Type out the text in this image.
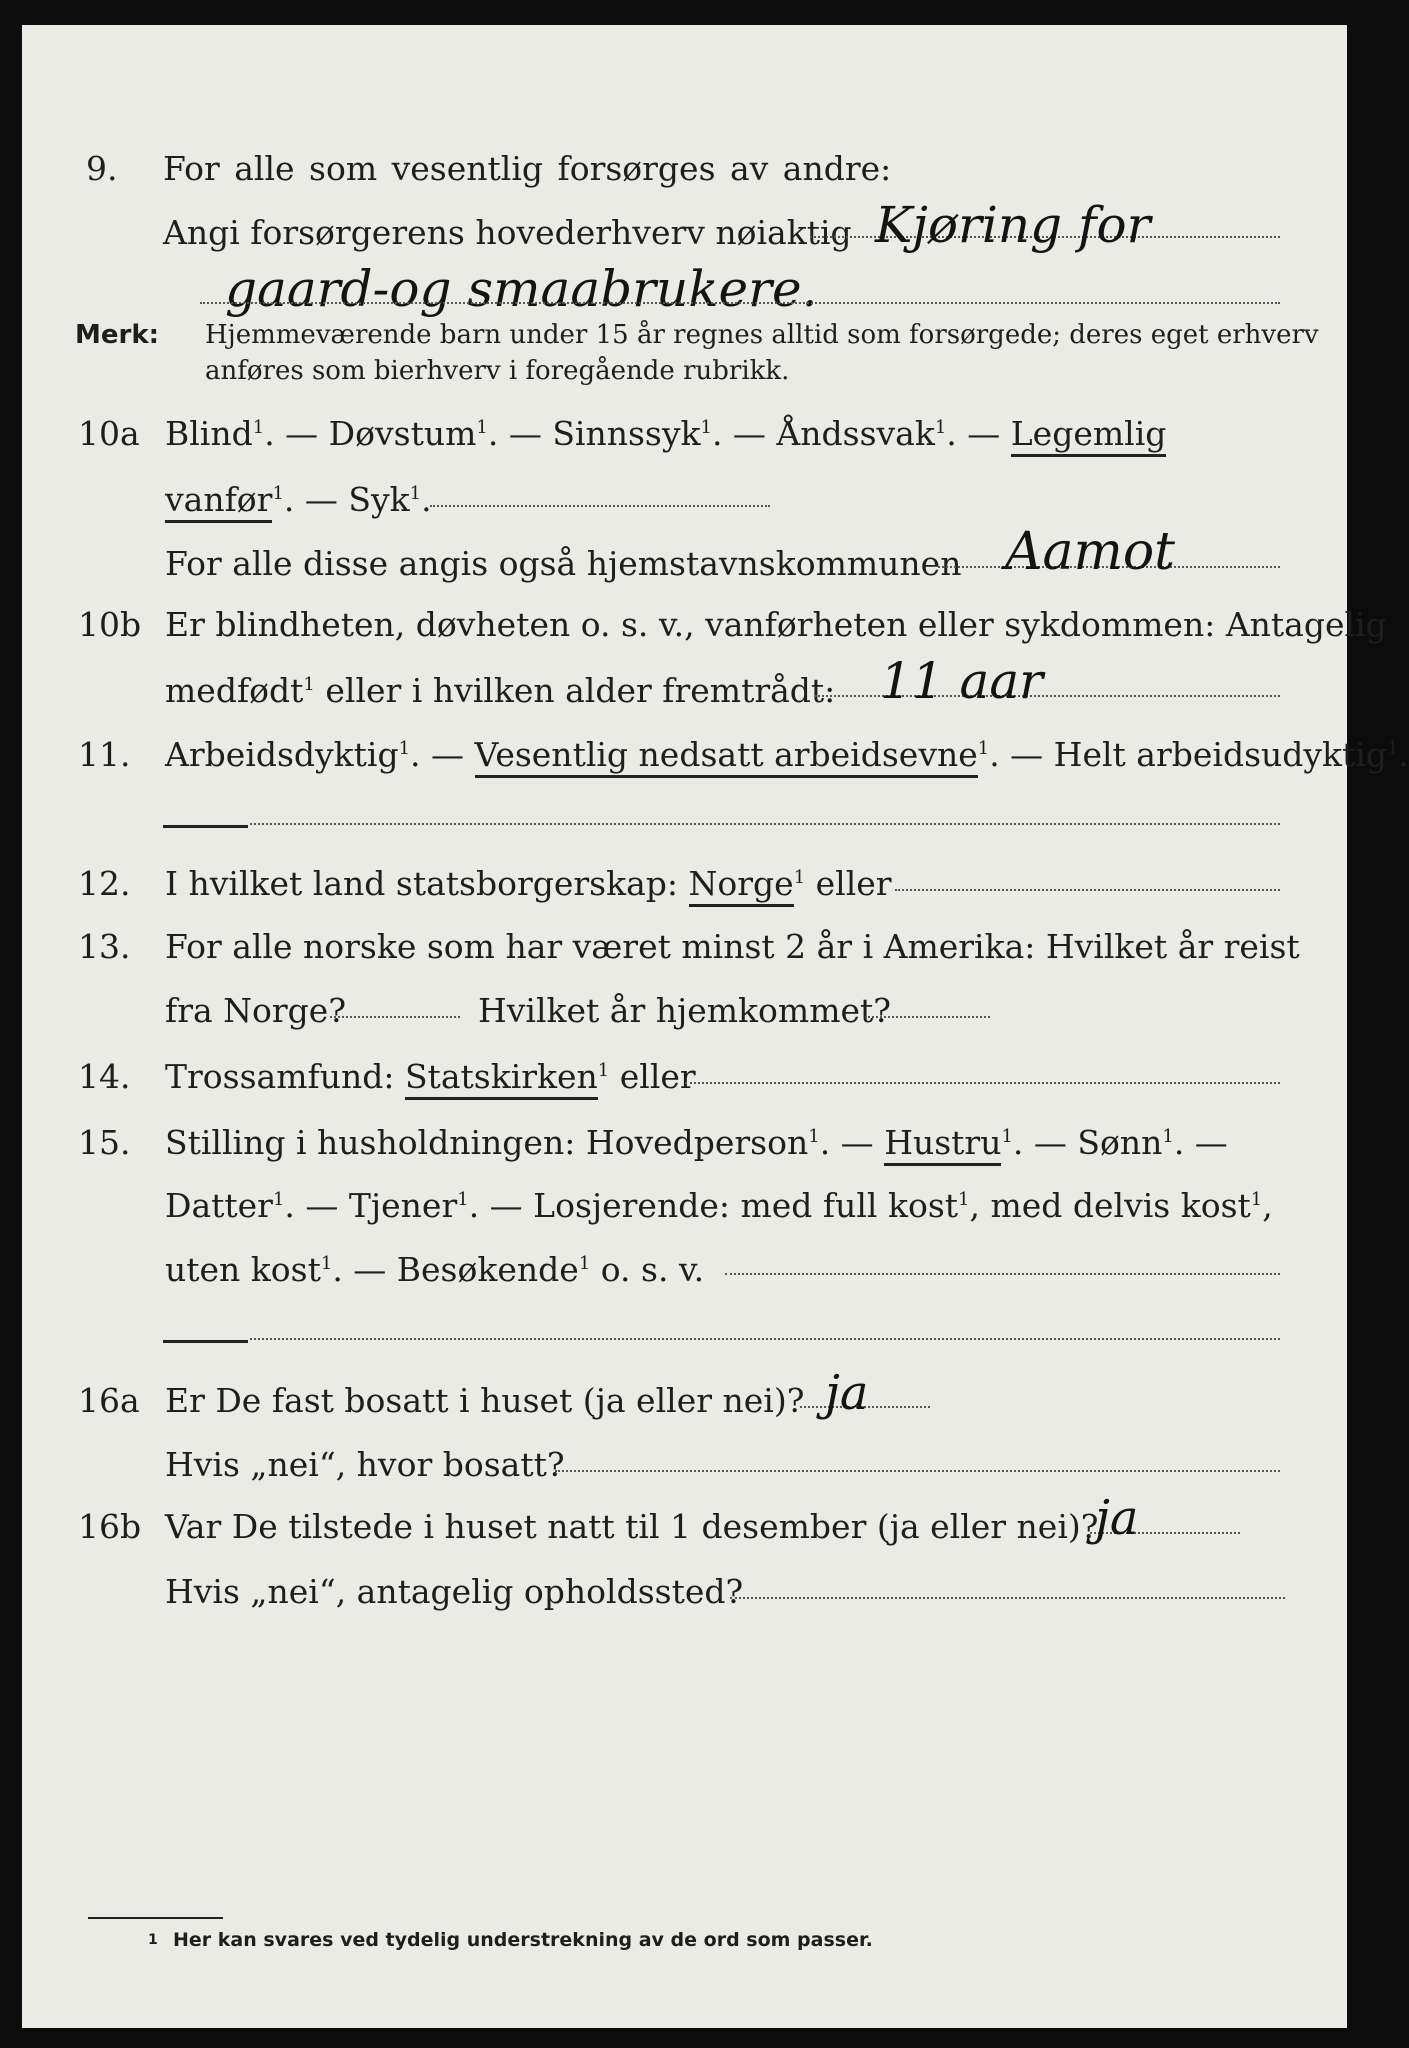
9. For alle som vesentlig forsørges av andre:
Angi forsørgerens hovederhverv nøiaktig Kjøring for
gaard-og smaabrukere.
Merk: Hjemmeværende barn under 15 år regnes alltid som forsørgede; deres eget erhverv
anføres som bierhverv i foregående rubrikk.
10a Blind$^1$. — Døvstum$^1$. — Sinnssyk$^1$. — Åndssvak$^1$. — Legemlig
vanfør$^1$. — Syk$^1$.
For alle disse angis også hjemstavnskommunen Aamot
10b Er blindheten, døvheten o. s. v., vanførheten eller sykdommen: Antagelig
medfødt$^1$ eller i hvilken alder fremtrådt: 11 aar
11. Arbeidsdyktig$^1$. — Vesentlig nedsatt arbeidsevne$^1$. — Helt arbeidsudyktig$^1$.
12. I hvilket land statsborgerskap: Norge$^1$ eller
13. For alle norske som har været minst 2 år i Amerika: Hvilket år reist
fra Norge?	Hvilket år hjemkommet?
14. Trossamfund: Statskirken$^1$ eller
15. Stilling i husholdningen: Hovedperson$^1$. — Hustru$^1$. — Sønn$^1$. —
Datter$^1$. — Tjener$^1$. — Losjerende: med full kost$^1$, med delvis kost$^1$,
uten kost$^1$. — Besøkende$^1$ o. s. v.
16a Er De fast bosatt i huset (ja eller nei)? ja
Hvis „nei“, hvor bosatt?
16b Var De tilstede i huset natt til 1 desember (ja eller nei)?
ja
Hvis „nei“, antagelig opholdssted?
1 Her kan svares ved tydelig understrekning av de ord som passer.
